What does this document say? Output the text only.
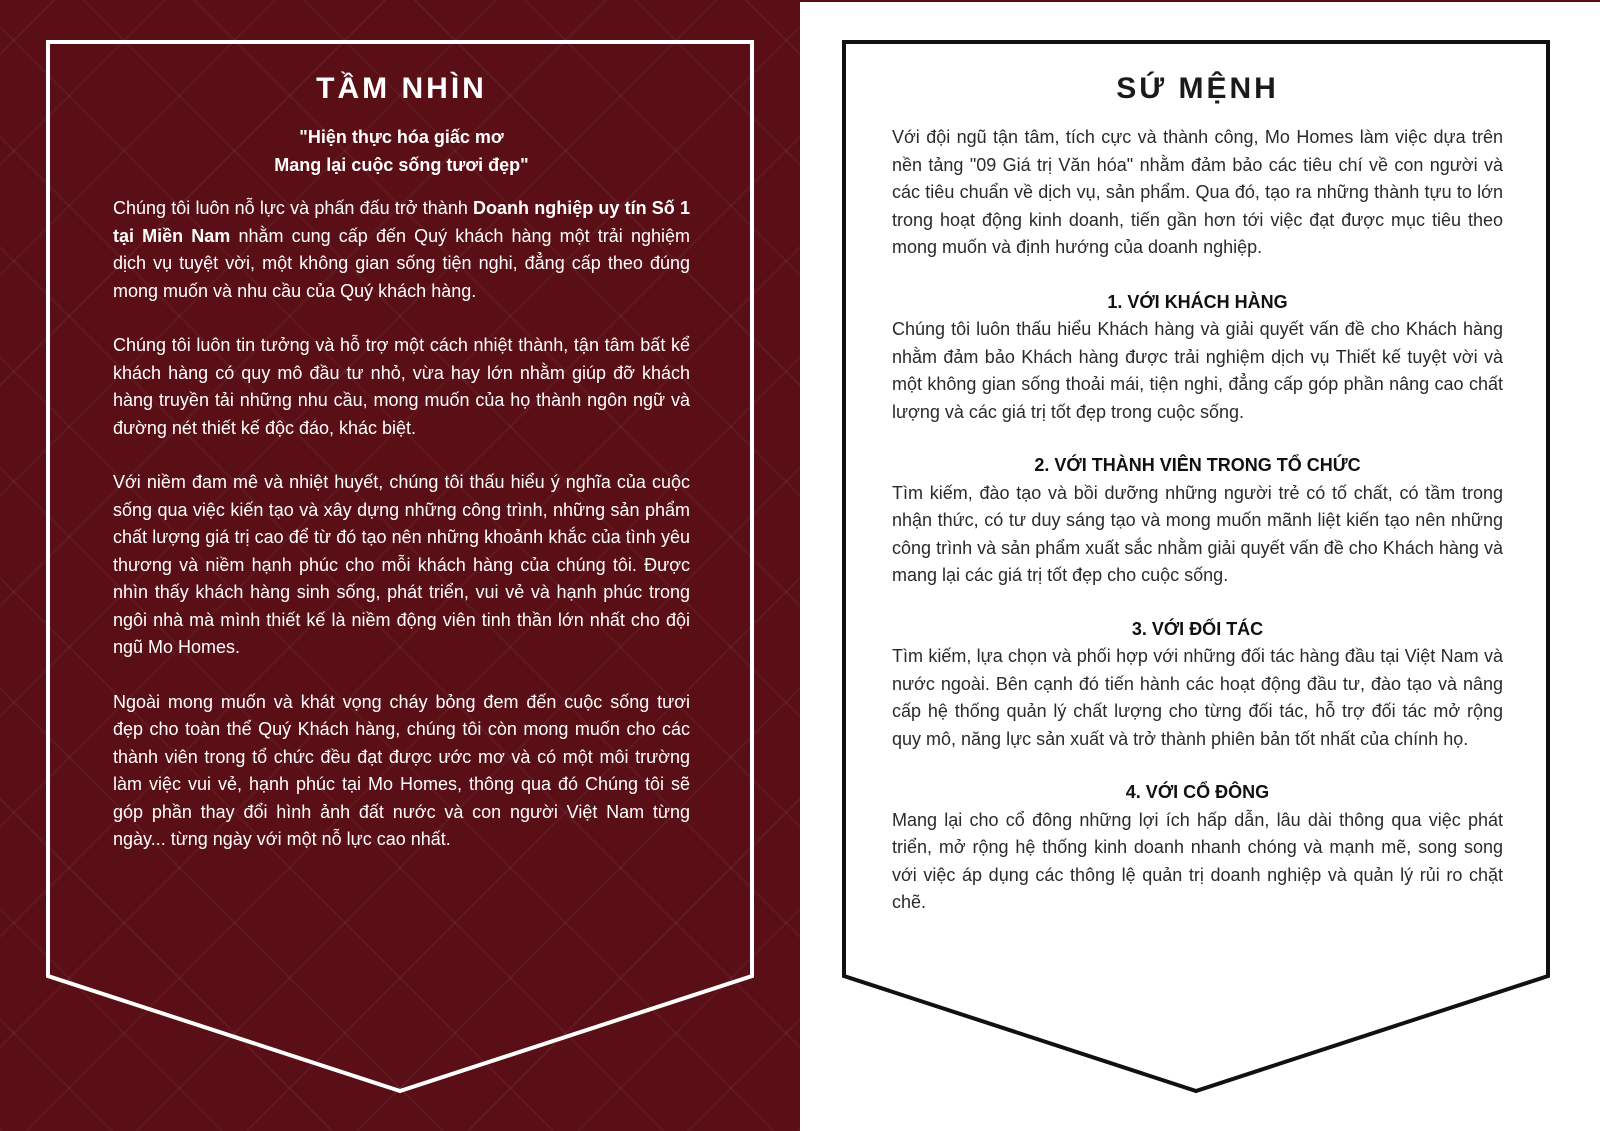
TẦM NHÌN
"Hiện thực hóa giấc mơ
Mang lại cuộc sống tươi đẹp"

Chúng tôi luôn nỗ lực và phấn đấu trở thành Doanh nghiệp uy tín Số 1 tại Miền Nam nhằm cung cấp đến Quý khách hàng một trải nghiệm dịch vụ tuyệt vời, một không gian sống tiện nghi, đẳng cấp theo đúng mong muốn và nhu cầu của Quý khách hàng.

Chúng tôi luôn tin tưởng và hỗ trợ một cách nhiệt thành, tận tâm bất kể khách hàng có quy mô đầu tư nhỏ, vừa hay lớn nhằm giúp đỡ khách hàng truyền tải những nhu cầu, mong muốn của họ thành ngôn ngữ và đường nét thiết kế độc đáo, khác biệt.

Với niềm đam mê và nhiệt huyết, chúng tôi thấu hiểu ý nghĩa của cuộc sống qua việc kiến tạo và xây dựng những công trình, những sản phẩm chất lượng giá trị cao để từ đó tạo nên những khoảnh khắc của tình yêu thương và niềm hạnh phúc cho mỗi khách hàng của chúng tôi. Được nhìn thấy khách hàng sinh sống, phát triển, vui vẻ và hạnh phúc trong ngôi nhà mà mình thiết kế là niềm động viên tinh thần lớn nhất cho đội ngũ Mo Homes.

Ngoài mong muốn và khát vọng cháy bỏng đem đến cuộc sống tươi đẹp cho toàn thể Quý Khách hàng, chúng tôi còn mong muốn cho các thành viên trong tổ chức đều đạt được ước mơ và có một môi trường làm việc vui vẻ, hạnh phúc tại Mo Homes, thông qua đó Chúng tôi sẽ góp phần thay đổi hình ảnh đất nước và con người Việt Nam từng ngày... từng ngày với một nỗ lực cao nhất.

SỨ MỆNH

Với đội ngũ tận tâm, tích cực và thành công, Mo Homes làm việc dựa trên nền tảng "09 Giá trị Văn hóa" nhằm đảm bảo các tiêu chí về con người và các tiêu chuẩn về dịch vụ, sản phẩm. Qua đó, tạo ra những thành tựu to lớn trong hoạt động kinh doanh, tiến gần hơn tới việc đạt được mục tiêu theo mong muốn và định hướng của doanh nghiệp.

1. VỚI KHÁCH HÀNG

Chúng tôi luôn thấu hiểu Khách hàng và giải quyết vấn đề cho Khách hàng nhằm đảm bảo Khách hàng được trải nghiệm dịch vụ Thiết kế tuyệt vời và một không gian sống thoải mái, tiện nghi, đẳng cấp góp phần nâng cao chất lượng và các giá trị tốt đẹp trong cuộc sống.

2. VỚI THÀNH VIÊN TRONG TỔ CHỨC

Tìm kiếm, đào tạo và bồi dưỡng những người trẻ có tố chất, có tầm trong nhận thức, có tư duy sáng tạo và mong muốn mãnh liệt kiến tạo nên những công trình và sản phẩm xuất sắc nhằm giải quyết vấn đề cho Khách hàng và mang lại các giá trị tốt đẹp cho cuộc sống.

3. VỚI ĐỐI TÁC

Tìm kiếm, lựa chọn và phối hợp với những đối tác hàng đầu tại Việt Nam và nước ngoài. Bên cạnh đó tiến hành các hoạt động đầu tư, đào tạo và nâng cấp hệ thống quản lý chất lượng cho từng đối tác, hỗ trợ đối tác mở rộng quy mô, năng lực sản xuất và trở thành phiên bản tốt nhất của chính họ.

4. VỚI CỔ ĐÔNG

Mang lại cho cổ đông những lợi ích hấp dẫn, lâu dài thông qua việc phát triển, mở rộng hệ thống kinh doanh nhanh chóng và mạnh mẽ, song song với việc áp dụng các thông lệ quản trị doanh nghiệp và quản lý rủi ro chặt chẽ.
